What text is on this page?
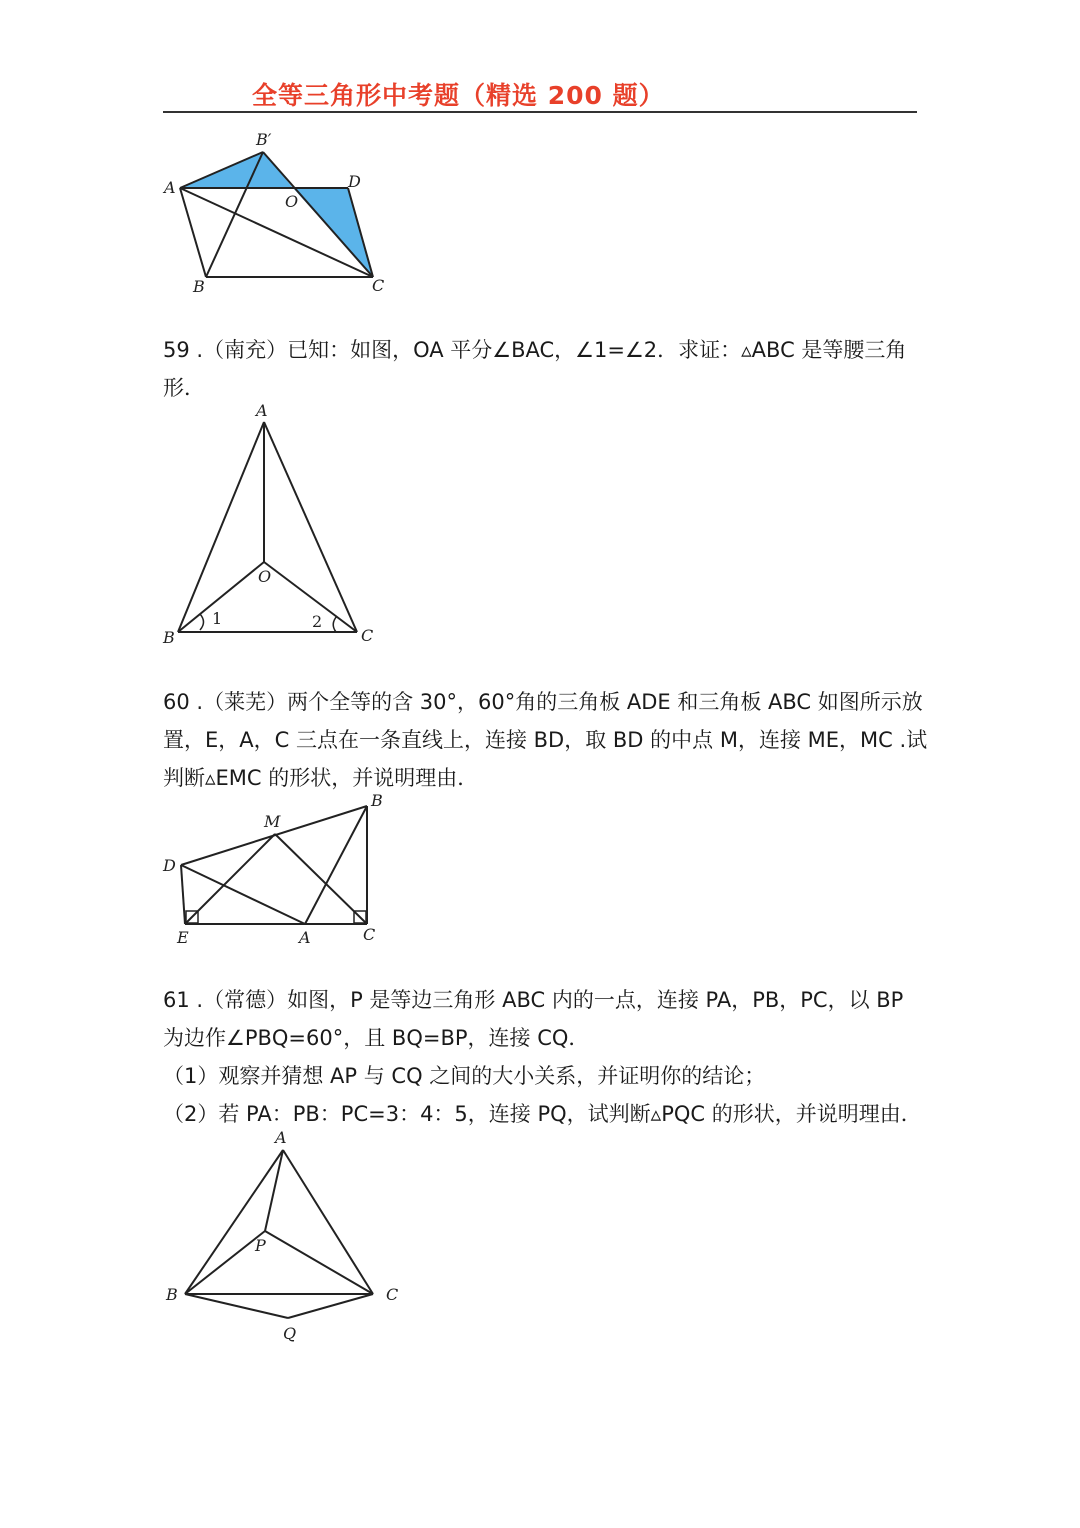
全等三角形中考题（精选 200 题）
A
B′
O
D
B	C

59 .（南充）已知：如图，OA 平分∠BAC，∠1=∠2．求证：▵ABC 是等腰三角

形．

A
O
B	C
1	2

60 .（莱芜）两个全等的含 30°，60°角的三角板 ADE 和三角板 ABC 如图所示放

置，E，A，C 三点在一条直线上，连接 BD，取 BD 的中点 M，连接 ME，MC .试

判断▵EMC 的形状，并说明理由．

B
M
D
E	A	C

61 .（常德）如图，P 是等边三角形 ABC 内的一点，连接 PA，PB，PC，以 BP

为边作∠PBQ=60°，且 BQ=BP，连接 CQ．

（1）观察并猜想 AP 与 CQ 之间的大小关系，并证明你的结论；

（2）若 PA：PB：PC=3：4：5，连接 PQ，试判断▵PQC 的形状，并说明理由．

A
P
B	C
Q
